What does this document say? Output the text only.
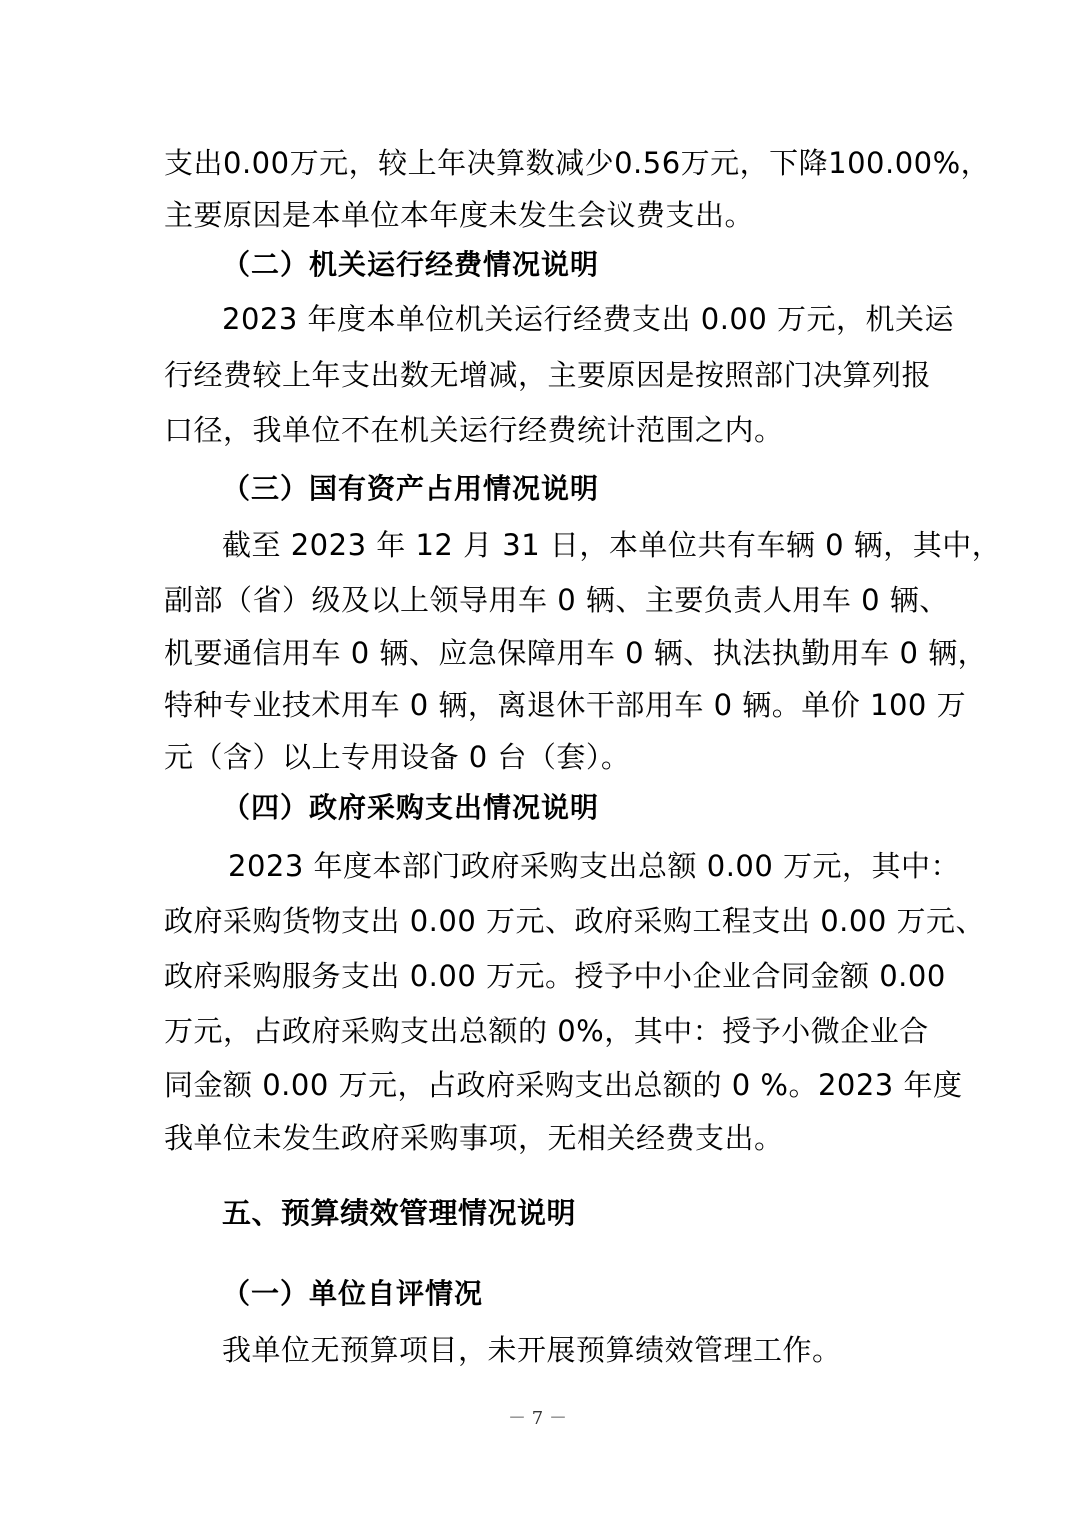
支出0.00万元，较上年决算数减少0.56万元，下降100.00%，
主要原因是本单位本年度未发生会议费支出。
（二）机关运行经费情况说明
2023 年度本单位机关运行经费支出 0.00 万元，机关运
行经费较上年支出数无增减，主要原因是按照部门决算列报
口径，我单位不在机关运行经费统计范围之内。
（三）国有资产占用情况说明
截至 2023 年 12 月 31 日，本单位共有车辆 0 辆，其中，
副部（省）级及以上领导用车 0 辆、主要负责人用车 0 辆、
机要通信用车 0 辆、应急保障用车 0 辆、执法执勤用车 0 辆，
特种专业技术用车 0 辆，离退休干部用车 0 辆。单价 100 万
元（含）以上专用设备 0 台（套）。
（四）政府采购支出情况说明
2023 年度本部门政府采购支出总额 0.00 万元，其中：
政府采购货物支出 0.00 万元、政府采购工程支出 0.00 万元、
政府采购服务支出 0.00 万元。授予中小企业合同金额 0.00
万元，占政府采购支出总额的 0%，其中：授予小微企业合
同金额 0.00 万元，占政府采购支出总额的 0 %。2023 年度
我单位未发生政府采购事项，无相关经费支出。
五、预算绩效管理情况说明
（一）单位自评情况
我单位无预算项目，未开展预算绩效管理工作。
－ 7 －
